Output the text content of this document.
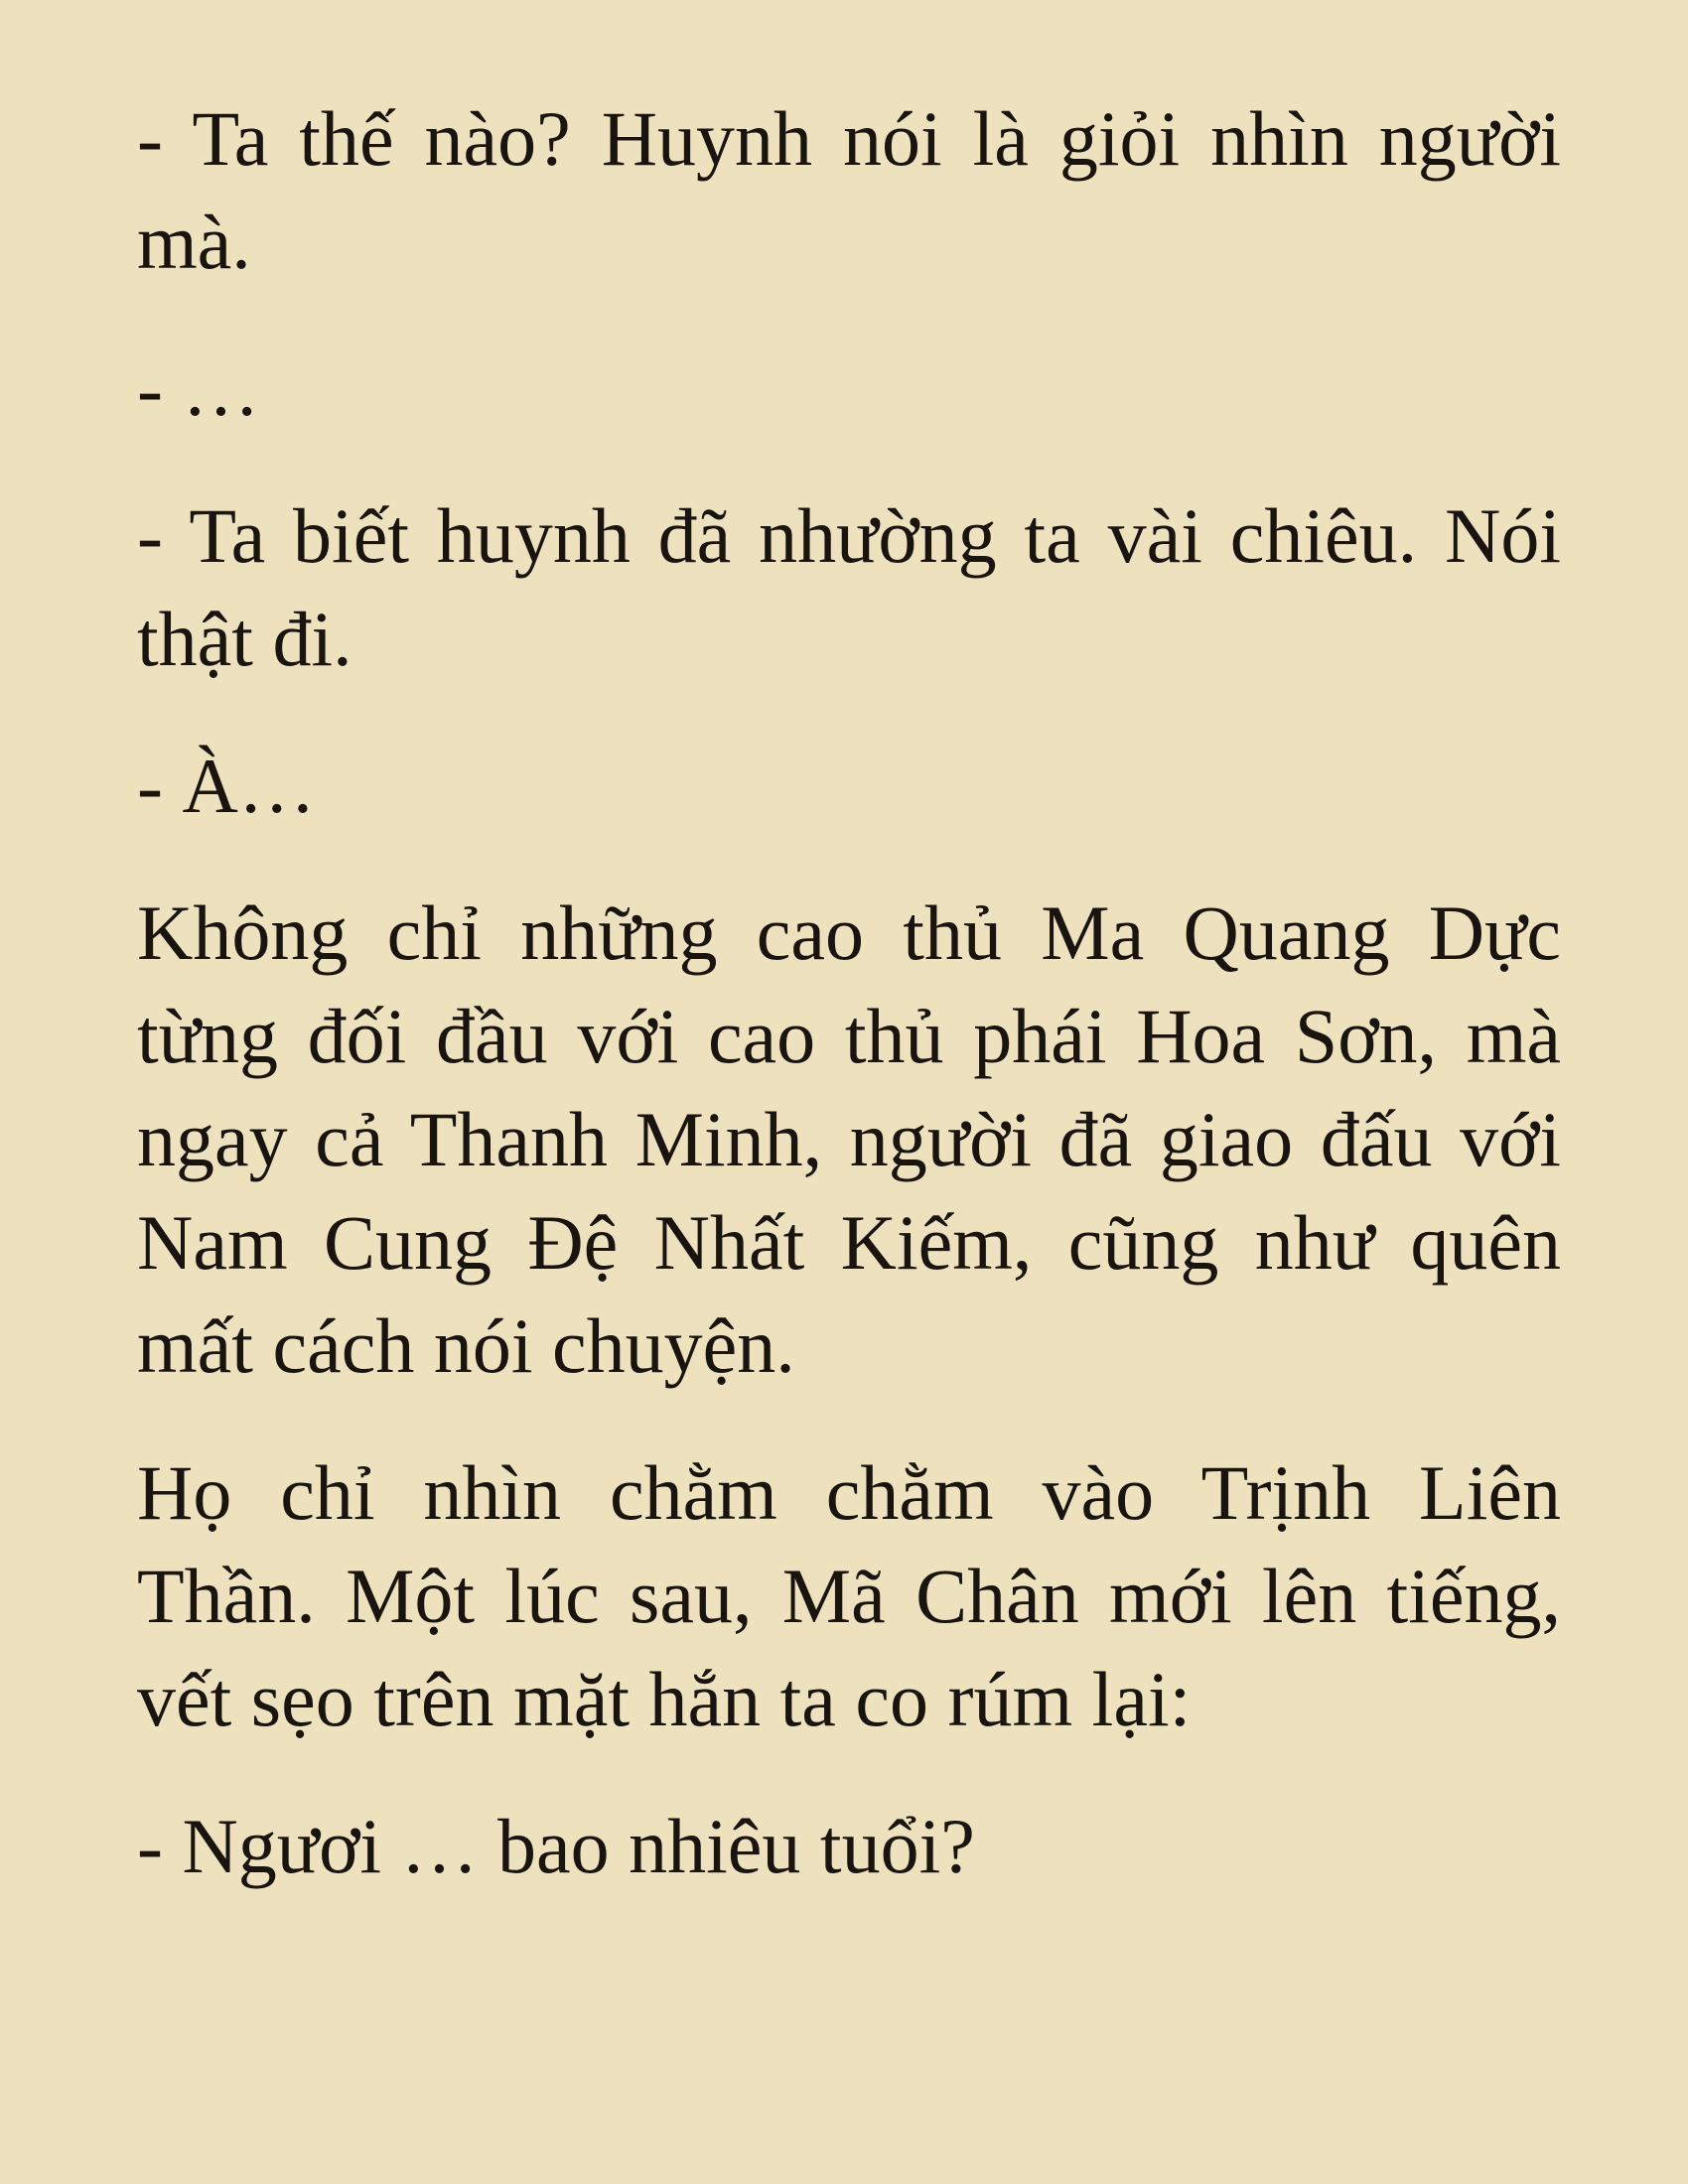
- Ta thế nào? Huynh nói là giỏi nhìn người
mà.
- …
- Ta biết huynh đã nhường ta vài chiêu. Nói
thật đi.
- À…
Không chỉ những cao thủ Ma Quang Dực
từng đối đầu với cao thủ phái Hoa Sơn, mà
ngay cả Thanh Minh, người đã giao đấu với
Nam Cung Đệ Nhất Kiếm, cũng như quên
mất cách nói chuyện.
Họ chỉ nhìn chằm chằm vào Trịnh Liên
Thần. Một lúc sau, Mã Chân mới lên tiếng,
vết sẹo trên mặt hắn ta co rúm lại:
- Ngươi … bao nhiêu tuổi?
